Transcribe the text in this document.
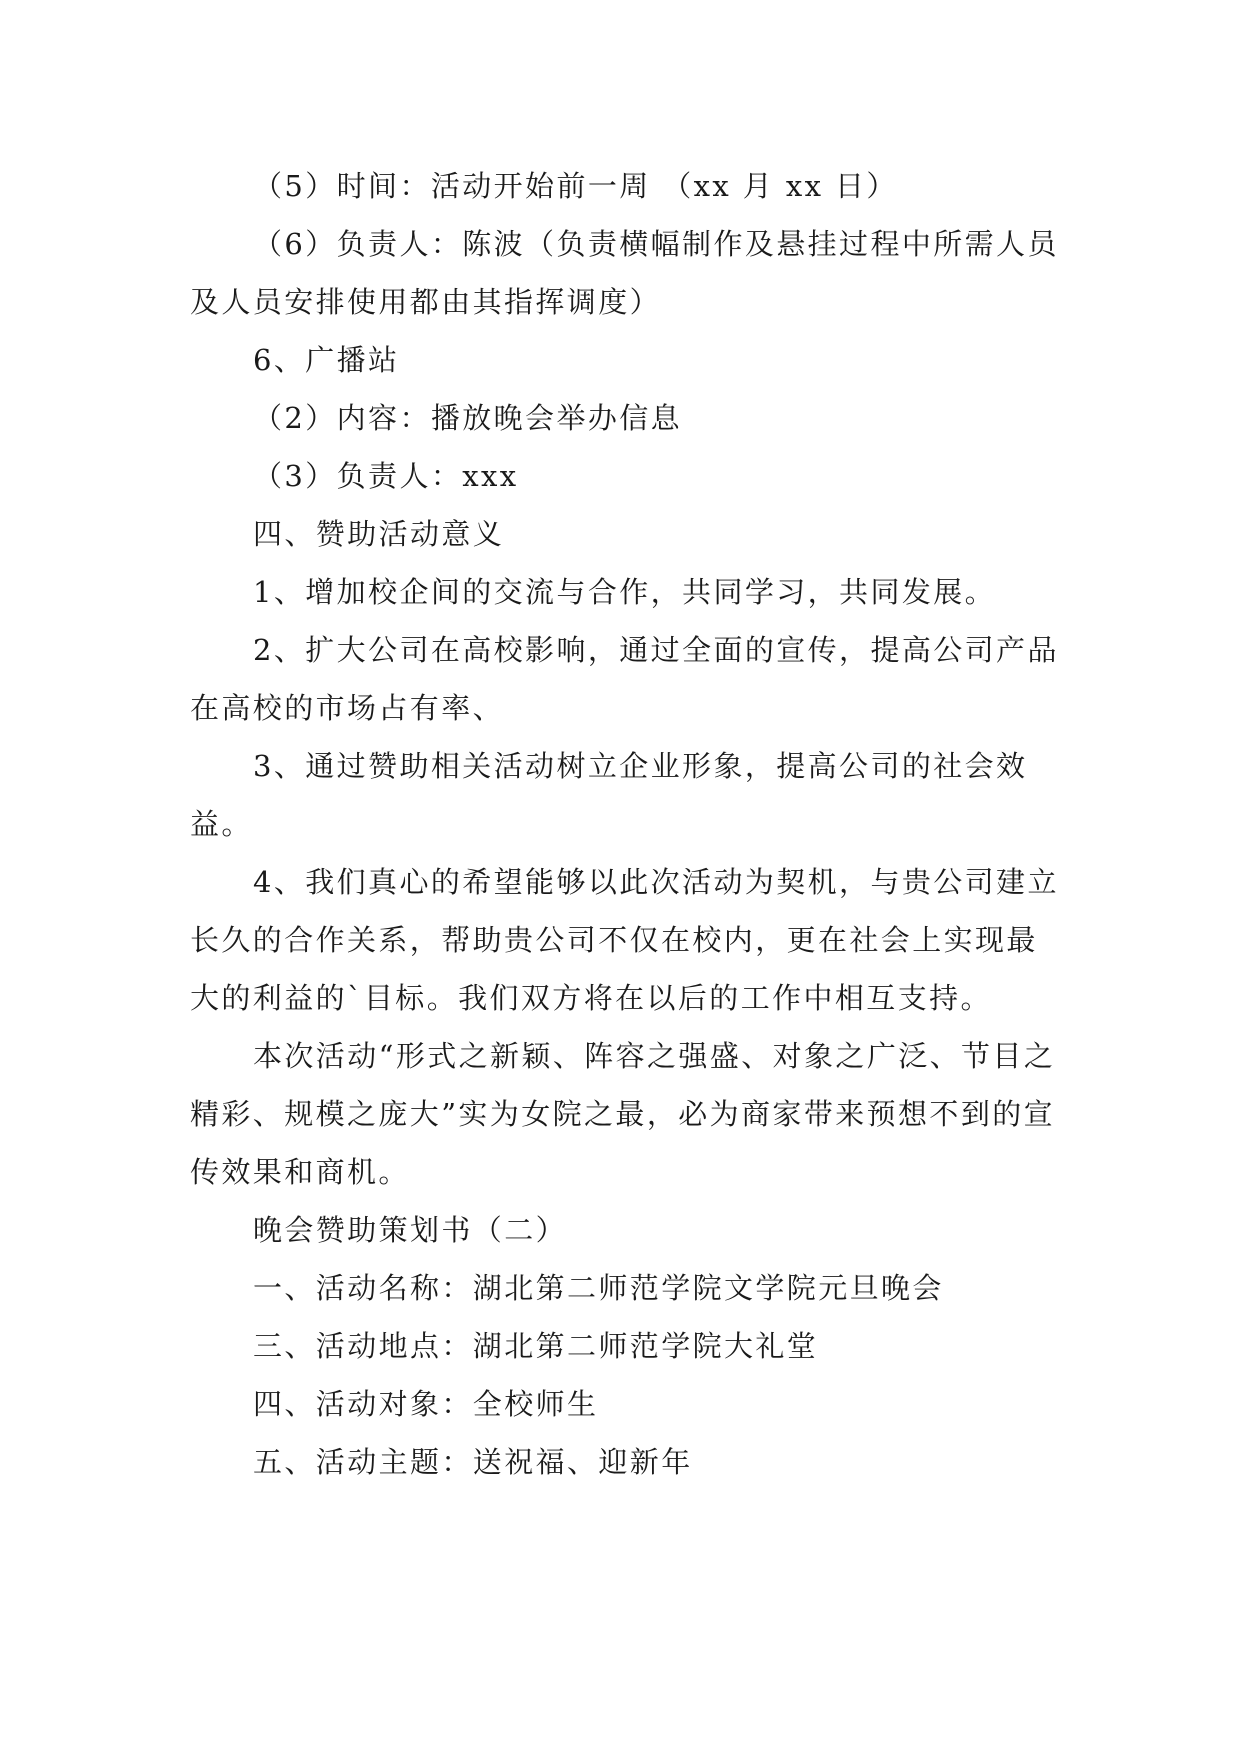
（5）时间：活动开始前一周 （xx 月 xx 日）

（6）负责人：陈波（负责横幅制作及悬挂过程中所需人员及人员安排使用都由其指挥调度）

6、广播站

（2）内容：播放晚会举办信息

（3）负责人：xxx

四、赞助活动意义

1、增加校企间的交流与合作，共同学习，共同发展。

2、扩大公司在高校影响，通过全面的宣传，提高公司产品在高校的市场占有率、

3、通过赞助相关活动树立企业形象，提高公司的社会效益。

4、我们真心的希望能够以此次活动为契机，与贵公司建立长久的合作关系，帮助贵公司不仅在校内，更在社会上实现最大的利益的`目标。我们双方将在以后的工作中相互支持。

本次活动“形式之新颖、阵容之强盛、对象之广泛、节目之精彩、规模之庞大”实为女院之最，必为商家带来预想不到的宣传效果和商机。

晚会赞助策划书（二）

一、活动名称：湖北第二师范学院文学院元旦晚会

三、活动地点：湖北第二师范学院大礼堂

四、活动对象：全校师生

五、活动主题：送祝福、迎新年
